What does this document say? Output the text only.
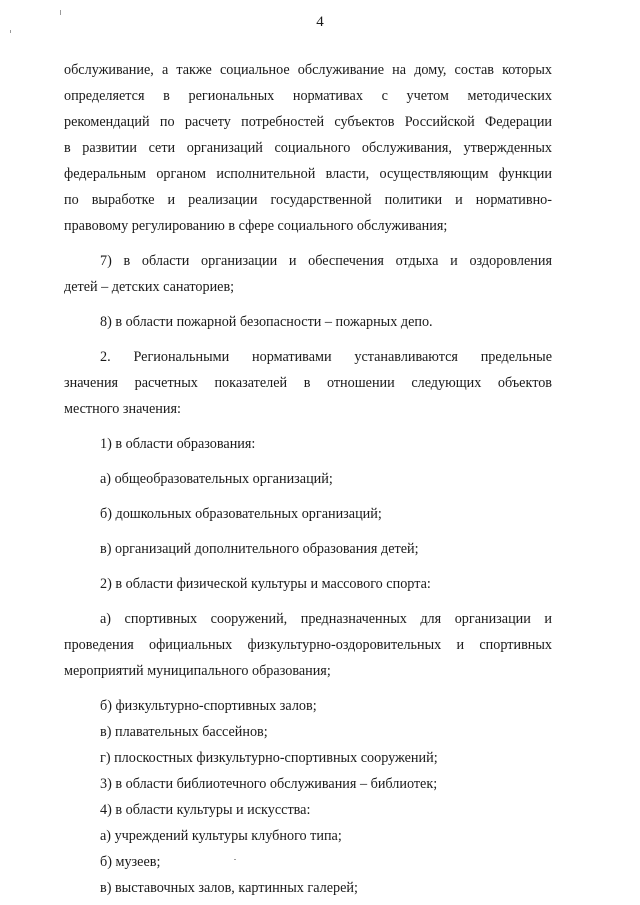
4
обслуживание, а также социальное обслуживание на дому, состав которых
определяется в региональных нормативах с учетом методических
рекомендаций по расчету потребностей субъектов Российской Федерации
в развитии сети организаций социального обслуживания, утвержденных
федеральным органом исполнительной власти, осуществляющим функции
по выработке и реализации государственной политики и нормативно-
правовому регулированию в сфере социального обслуживания;
7) в области организации и обеспечения отдыха и оздоровления
детей – детских санаториев;
8) в области пожарной безопасности – пожарных депо.
2. Региональными нормативами устанавливаются предельные
значения расчетных показателей в отношении следующих объектов
местного значения:
1) в области образования:
а) общеобразовательных организаций;
б) дошкольных образовательных организаций;
в) организаций дополнительного образования детей;
2) в области физической культуры и массового спорта:
а) спортивных сооружений, предназначенных для организации и
проведения официальных физкультурно-оздоровительных и спортивных
мероприятий муниципального образования;
б) физкультурно-спортивных залов;
в) плавательных бассейнов;
г) плоскостных физкультурно-спортивных сооружений;
3) в области библиотечного обслуживания – библиотек;
4) в области культуры и искусства:
а) учреждений культуры клубного типа;
б) музеев;
в) выставочных залов, картинных галерей;
